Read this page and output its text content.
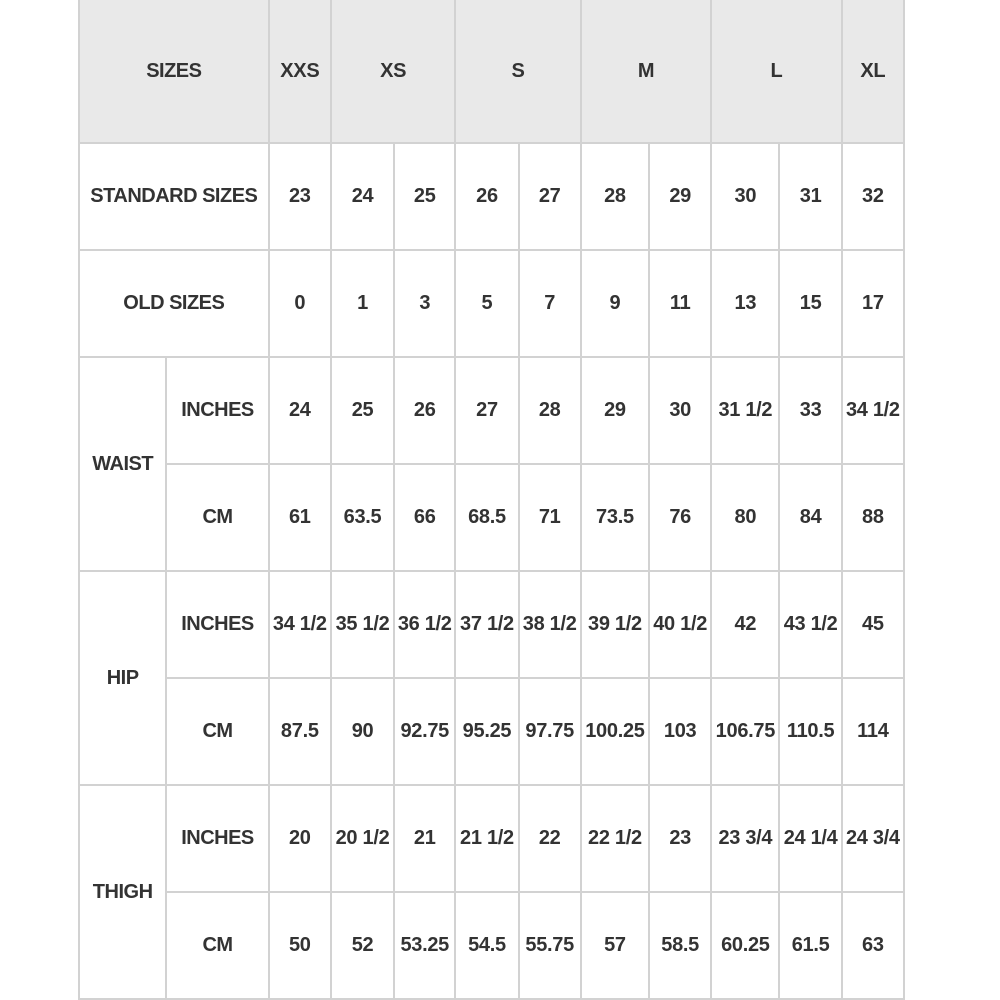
SIZES		XXS	XS		S		M		L		XL
STANDARD SIZES		23	24	25	26	27	28	29	30	31	32
OLD SIZES		0	1	3	5	7	9	11	13	15	17
WAIST	INCHES	24	25	26	27	28	29	30	31 1/2	33	34 1/2
	CM	61	63.5	66	68.5	71	73.5	76	80	84	88
HIP	INCHES	34 1/2	35 1/2	36 1/2	37 1/2	38 1/2	39 1/2	40 1/2	42	43 1/2	45
	CM	87.5	90	92.75	95.25	97.75	100.25	103	106.75	110.5	114
THIGH	INCHES	20	20 1/2	21	21 1/2	22	22 1/2	23	23 3/4	24 1/4	24 3/4
	CM	50	52	53.25	54.5	55.75	57	58.5	60.25	61.5	63
